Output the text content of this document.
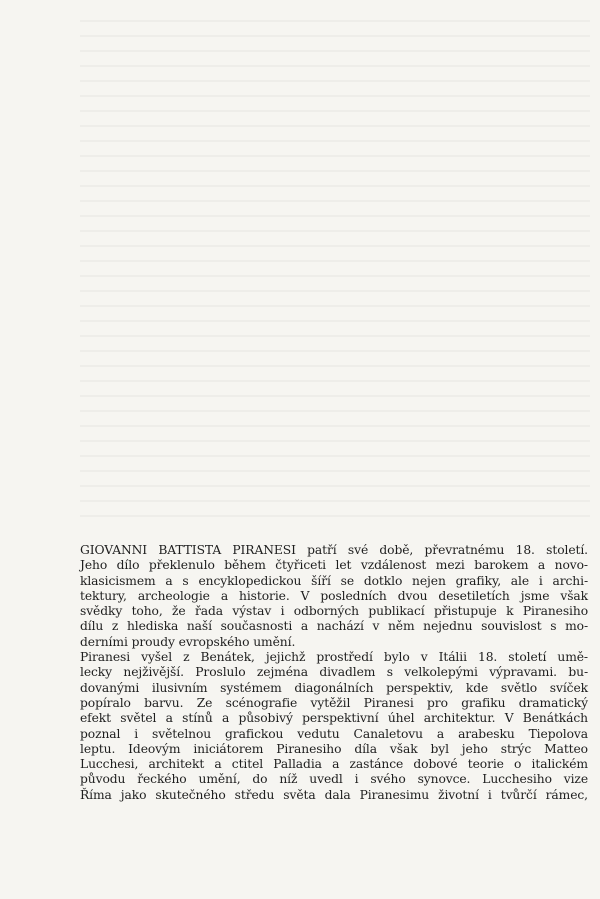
GIOVANNI BATTISTA PIRANESI patří své době, převratnému 18. století.
Jeho dílo překlenulo během čtyřiceti let vzdálenost mezi barokem a novo-
klasicismem a s encyklopedickou šíří se dotklo nejen grafiky, ale i archi-
tektury, archeologie a historie. V posledních dvou desetiletích jsme však
svědky toho, že řada výstav i odborných publikací přistupuje k Piranesiho
dílu z hlediska naší současnosti a nachází v něm nejednu souvislost s mo-
derními proudy evropského umění.
Piranesi vyšel z Benátek, jejichž prostředí bylo v Itálii 18. století umě-
lecky nejživější. Proslulo zejména divadlem s velkolepými výpravami. bu-
dovanými ilusivním systémem diagonálních perspektiv, kde světlo svíček
popíralo barvu. Ze scénografie vytěžil Piranesi pro grafiku dramatický
efekt světel a stínů a působivý perspektivní úhel architektur. V Benátkách
poznal i světelnou grafickou vedutu Canaletovu a arabesku Tiepolova
leptu. Ideovým iniciátorem Piranesiho díla však byl jeho strýc Matteo
Lucchesi, architekt a ctitel Palladia a zastánce dobové teorie o italickém
původu řeckého umění, do níž uvedl i svého synovce. Lucchesiho vize
Říma jako skutečného středu světa dala Piranesimu životní i tvůrčí rámec,
